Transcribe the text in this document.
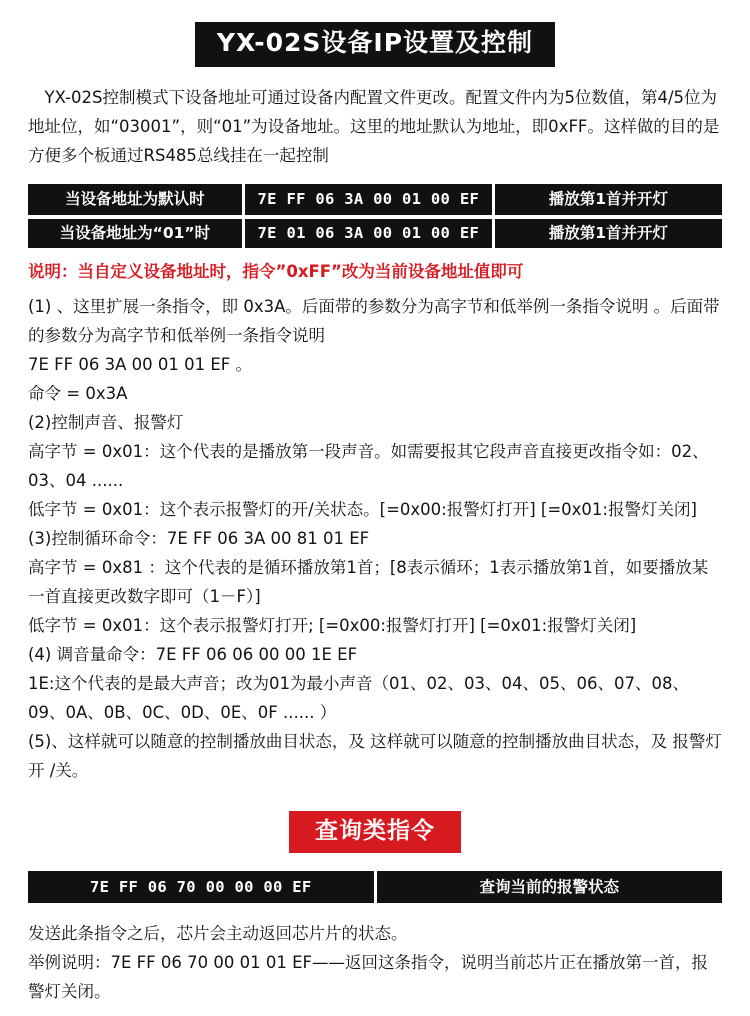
YX-02S设备IP设置及控制

　YX-02S控制模式下设备地址可通过设备内配置文件更改。配置文件内为5位数值，第4/5位为地址位，如“03001”，则“01”为设备地址。这里的地址默认为地址，即0xFF。这样做的目的是方便多个板通过RS485总线挂在一起控制

当设备地址为默认时	7E FF 06 3A 00 01 00 EF	播放第1首并开灯
当设备地址为“01”时	7E 01 06 3A 00 01 00 EF	播放第1首并开灯

说明：当自定义设备地址时，指令”0xFF”改为当前设备地址值即可

(1) 、这里扩展一条指令，即 0x3A。后面带的参数分为高字节和低举例一条指令说明 。后面带的参数分为高字节和低举例一条指令说明

7E FF 06 3A 00 01 01 EF 。

命令 = 0x3A

(2)控制声音、报警灯

高字节 = 0x01：这个代表的是播放第一段声音。如需要报其它段声音直接更改指令如：02、03、04 ......

低字节 = 0x01：这个表示报警灯的开/关状态。[=0x00:报警灯打开] [=0x01:报警灯关闭]

(3)控制循环命令：7E FF 06 3A 00 81 01 EF

高字节 = 0x81 ：这个代表的是循环播放第1首；[8表示循环；1表示播放第1首，如要播放某一首直接更改数字即可（1－F）]

低字节 = 0x01：这个表示报警灯打开; [=0x00:报警灯打开] [=0x01:报警灯关闭]

(4) 调音量命令：7E FF 06 06 00 00 1E EF

1E:这个代表的是最大声音；改为01为最小声音（01、02、03、04、05、06、07、08、09、0A、0B、0C、0D、0E、0F ...... ）

(5)、这样就可以随意的控制播放曲目状态，及 这样就可以随意的控制播放曲目状态，及 报警灯开 /关。

查询类指令
7E FF 06 70 00 00 00 EF	查询当前的报警状态

发送此条指令之后，芯片会主动返回芯片片的状态。

举例说明：7E FF 06 70 00 01 01 EF——返回这条指令，说明当前芯片正在播放第一首，报警灯关闭。
